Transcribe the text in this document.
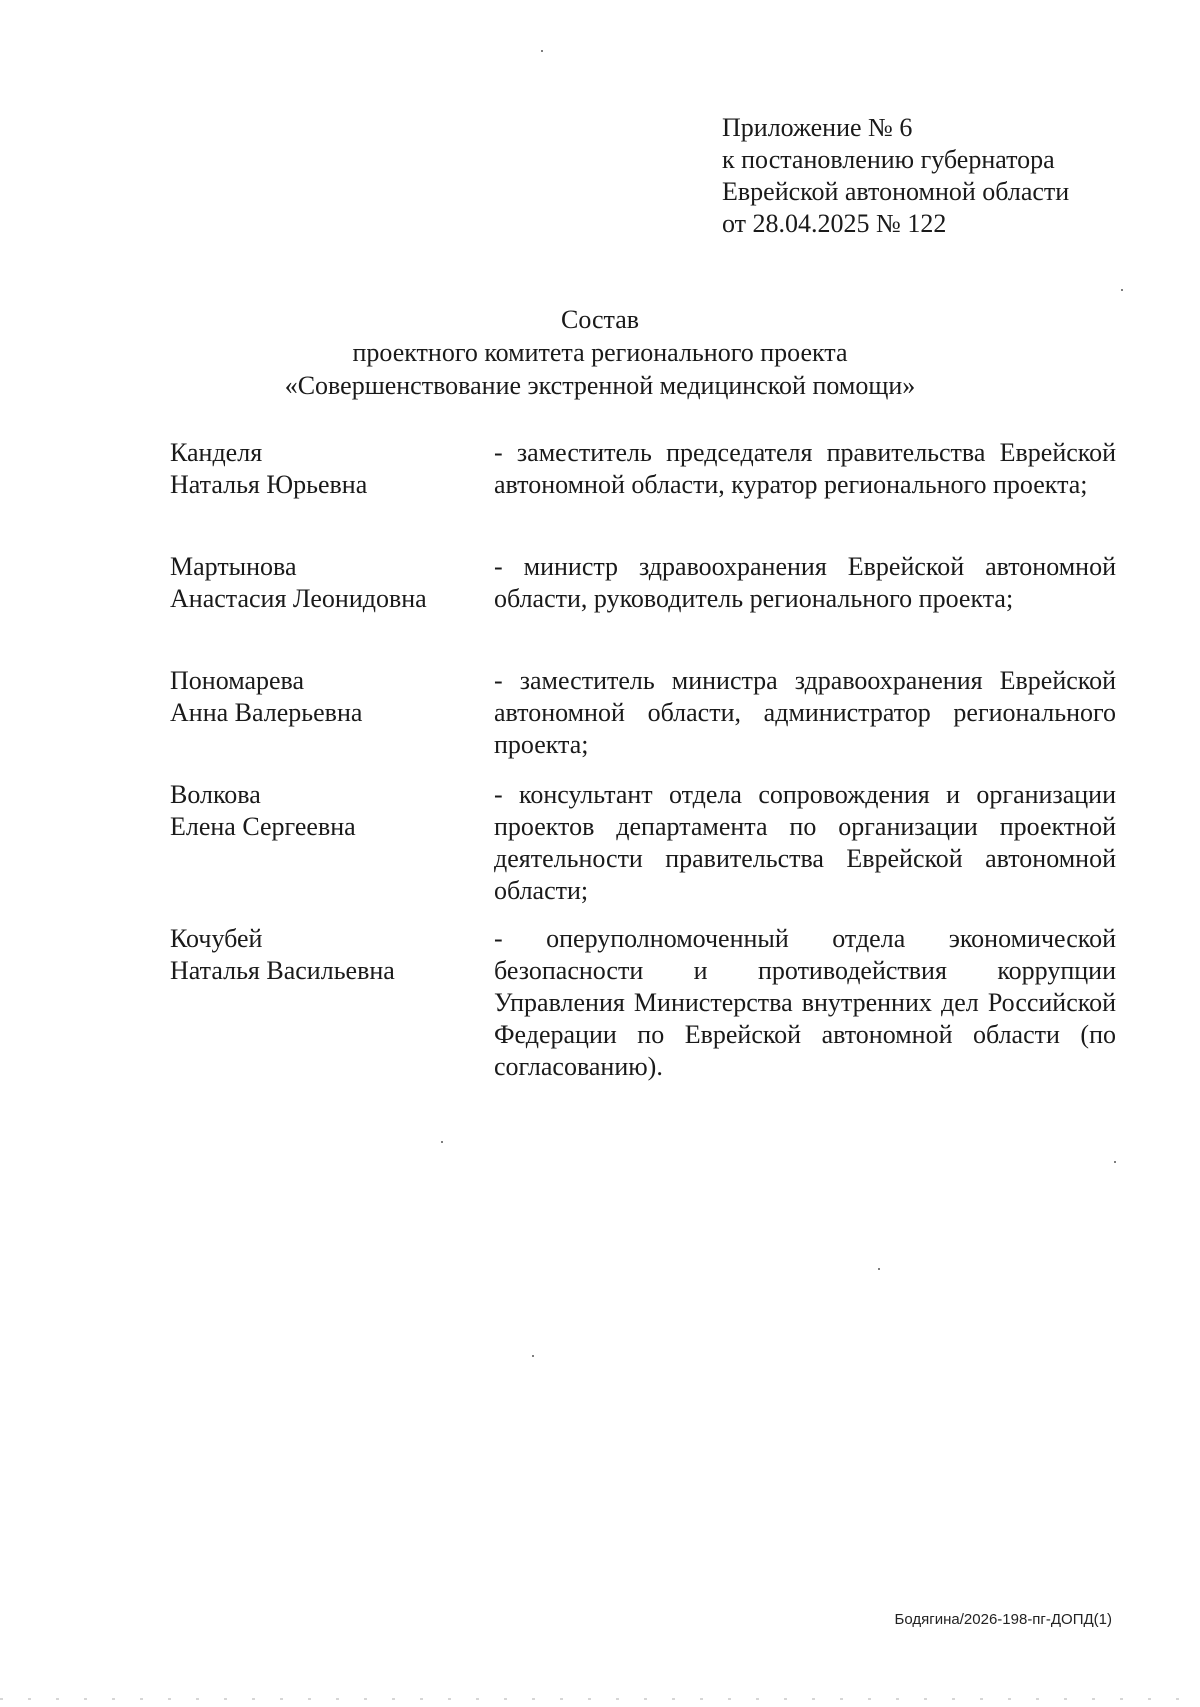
Приложение № 6
к постановлению губернатора
Еврейской автономной области
от 28.04.2025 № 122
Состав
проектного комитета регионального проекта
«Совершенствование экстренной медицинской помощи»
Канделя
Наталья Юрьевна
- заместитель председателя правительства Еврейской автономной области, куратор регионального проекта;
Мартынова
Анастасия Леонидовна
- министр здравоохранения Еврейской автономной области, руководитель регионального проекта;
Пономарева
Анна Валерьевна
- заместитель министра здравоохранения Еврейской автономной области, администратор регионального проекта;
Волкова
Елена Сергеевна
- консультант отдела сопровождения и организации проектов департамента по организации проектной деятельности правительства Еврейской автономной области;
Кочубей
Наталья Васильевна
- оперуполномоченный отдела экономической безопасности и противодействия коррупции Управления Министерства внутренних дел Российской Федерации по Еврейской автономной области (по согласованию).
Бодягина/2026-198-пг-ДОПД(1)
